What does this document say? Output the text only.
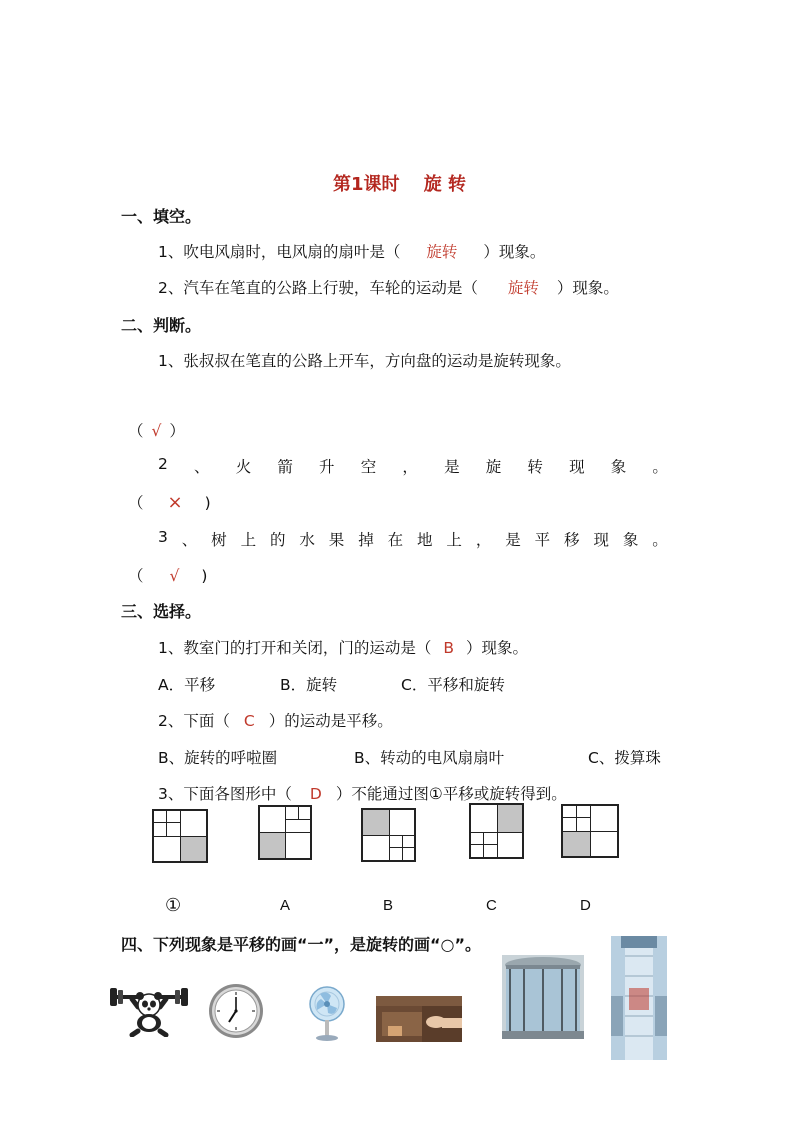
第1课时　 旋 转
一、填空。
1、吹电风扇时，电风扇的扇叶是（ 旋转 ）现象。
2、汽车在笔直的公路上行驶，车轮的运动是（ 旋转 ）现象。
二、判断。
1、张叔叔在笔直的公路上开车，方向盘的运动是旋转现象。
（ √ ）
2 、 火 箭 升 空 ， 是 旋 转 现 象 。
（ × )
3 、 树 上 的 水 果 掉 在 地 上 ， 是 平 移 现 象 。
（ √ )
三、选择。
1、教室门的打开和关闭，门的运动是（ B ）现象。
A．平移	B．旋转	C．平移和旋转
2、下面（ C ）的运动是平移。
B、旋转的呼啦圈	B、转动的电风扇扇叶	C、拨算珠
3、下面各图形中（ D ）不能通过图①平移或旋转得到。
①	A	B	C	D
四、下列现象是平移的画“一”，是旋转的画“○”。
